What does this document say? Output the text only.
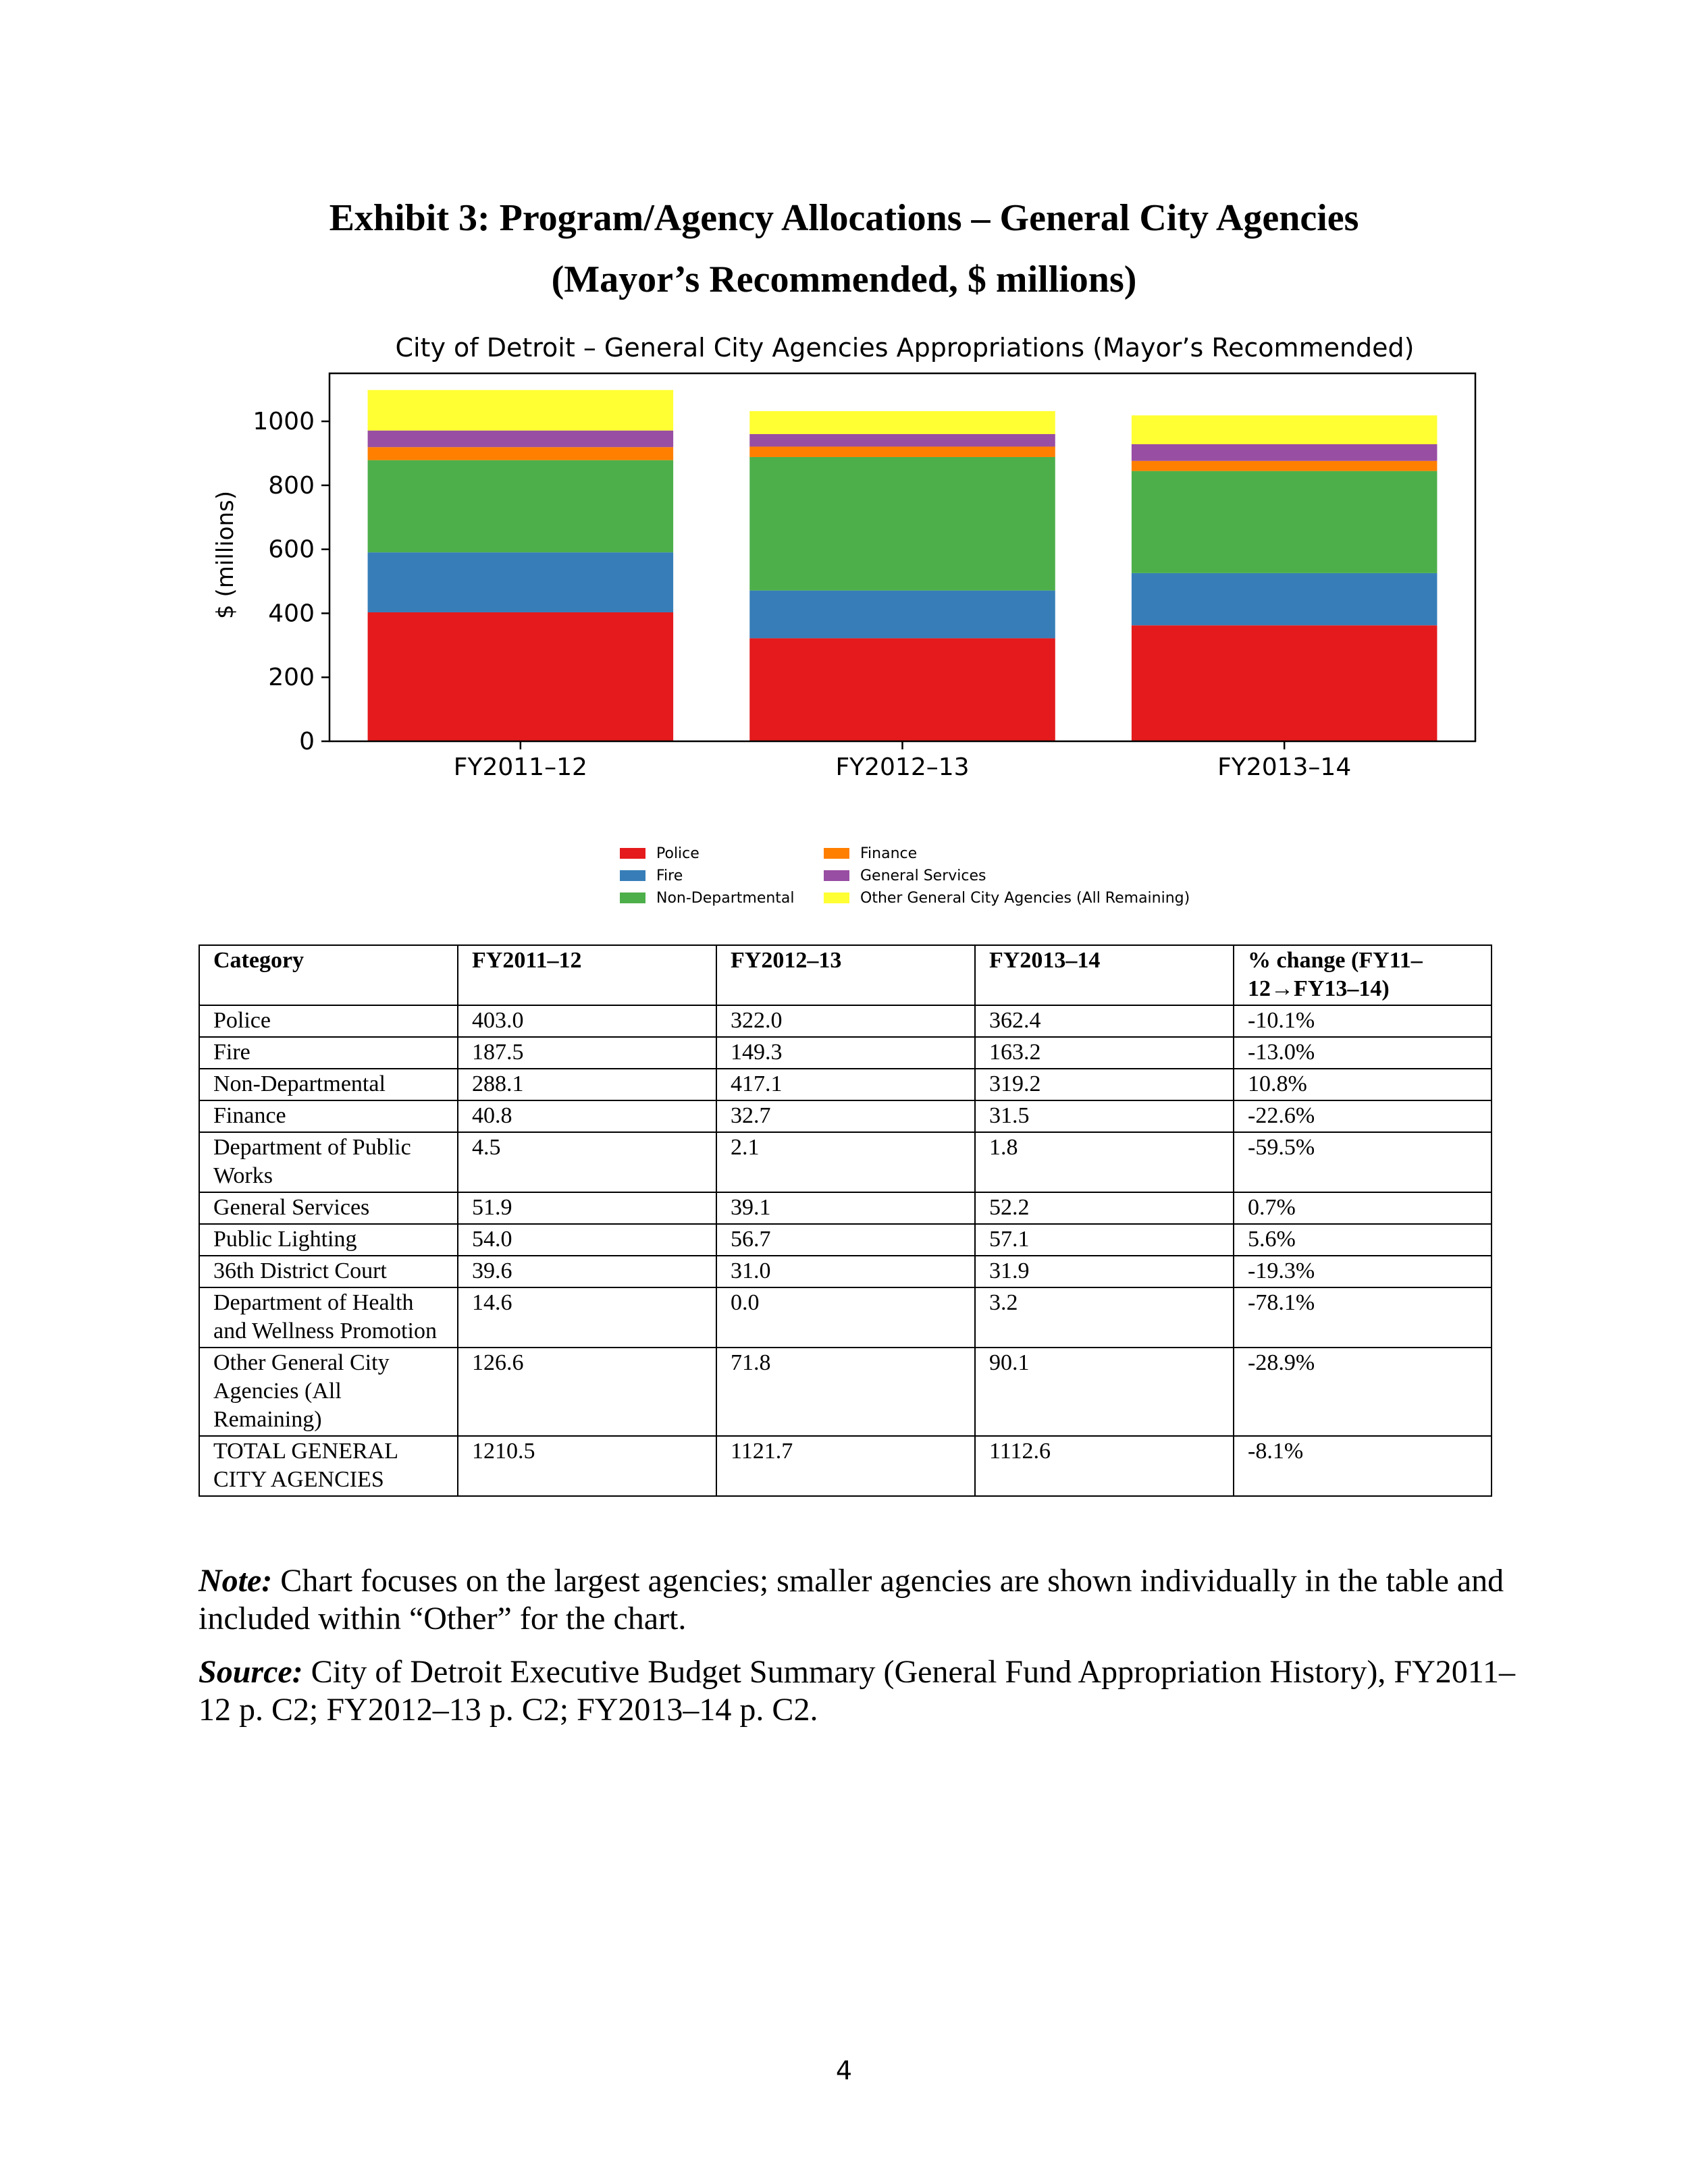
Exhibit 3: Program/Agency Allocations – General City Agencies
(Mayor’s Recommended, $ millions)
City of Detroit – General City Agencies Appropriations (Mayor’s Recommended)
$ (millions)
FY2011–12	FY2012–13	FY2013–14
0
200
400
600
800
1000
Police
Fire
Non-Departmental
Finance
General Services
Other General City Agencies (All Remaining)
Category	FY2011–12	FY2012–13	FY2013–14	% change (FY11–12→FY13–14)
Police	403.0	322.0	362.4	-10.1%
Fire	187.5	149.3	163.2	-13.0%
Non-Departmental	288.1	417.1	319.2	10.8%
Finance	40.8	32.7	31.5	-22.6%
Department of Public Works	4.5	2.1	1.8	-59.5%
General Services	51.9	39.1	52.2	0.7%
Public Lighting	54.0	56.7	57.1	5.6%
36th District Court	39.6	31.0	31.9	-19.3%
Department of Health and Wellness Promotion	14.6	0.0	3.2	-78.1%
Other General City Agencies (All Remaining)	126.6	71.8	90.1	-28.9%
TOTAL GENERAL CITY AGENCIES	1210.5	1121.7	1112.6	-8.1%
Note: Chart focuses on the largest agencies; smaller agencies are shown individually in the table and included within “Other” for the chart.
Source: City of Detroit Executive Budget Summary (General Fund Appropriation History), FY2011–12 p. C2; FY2012–13 p. C2; FY2013–14 p. C2.
4
